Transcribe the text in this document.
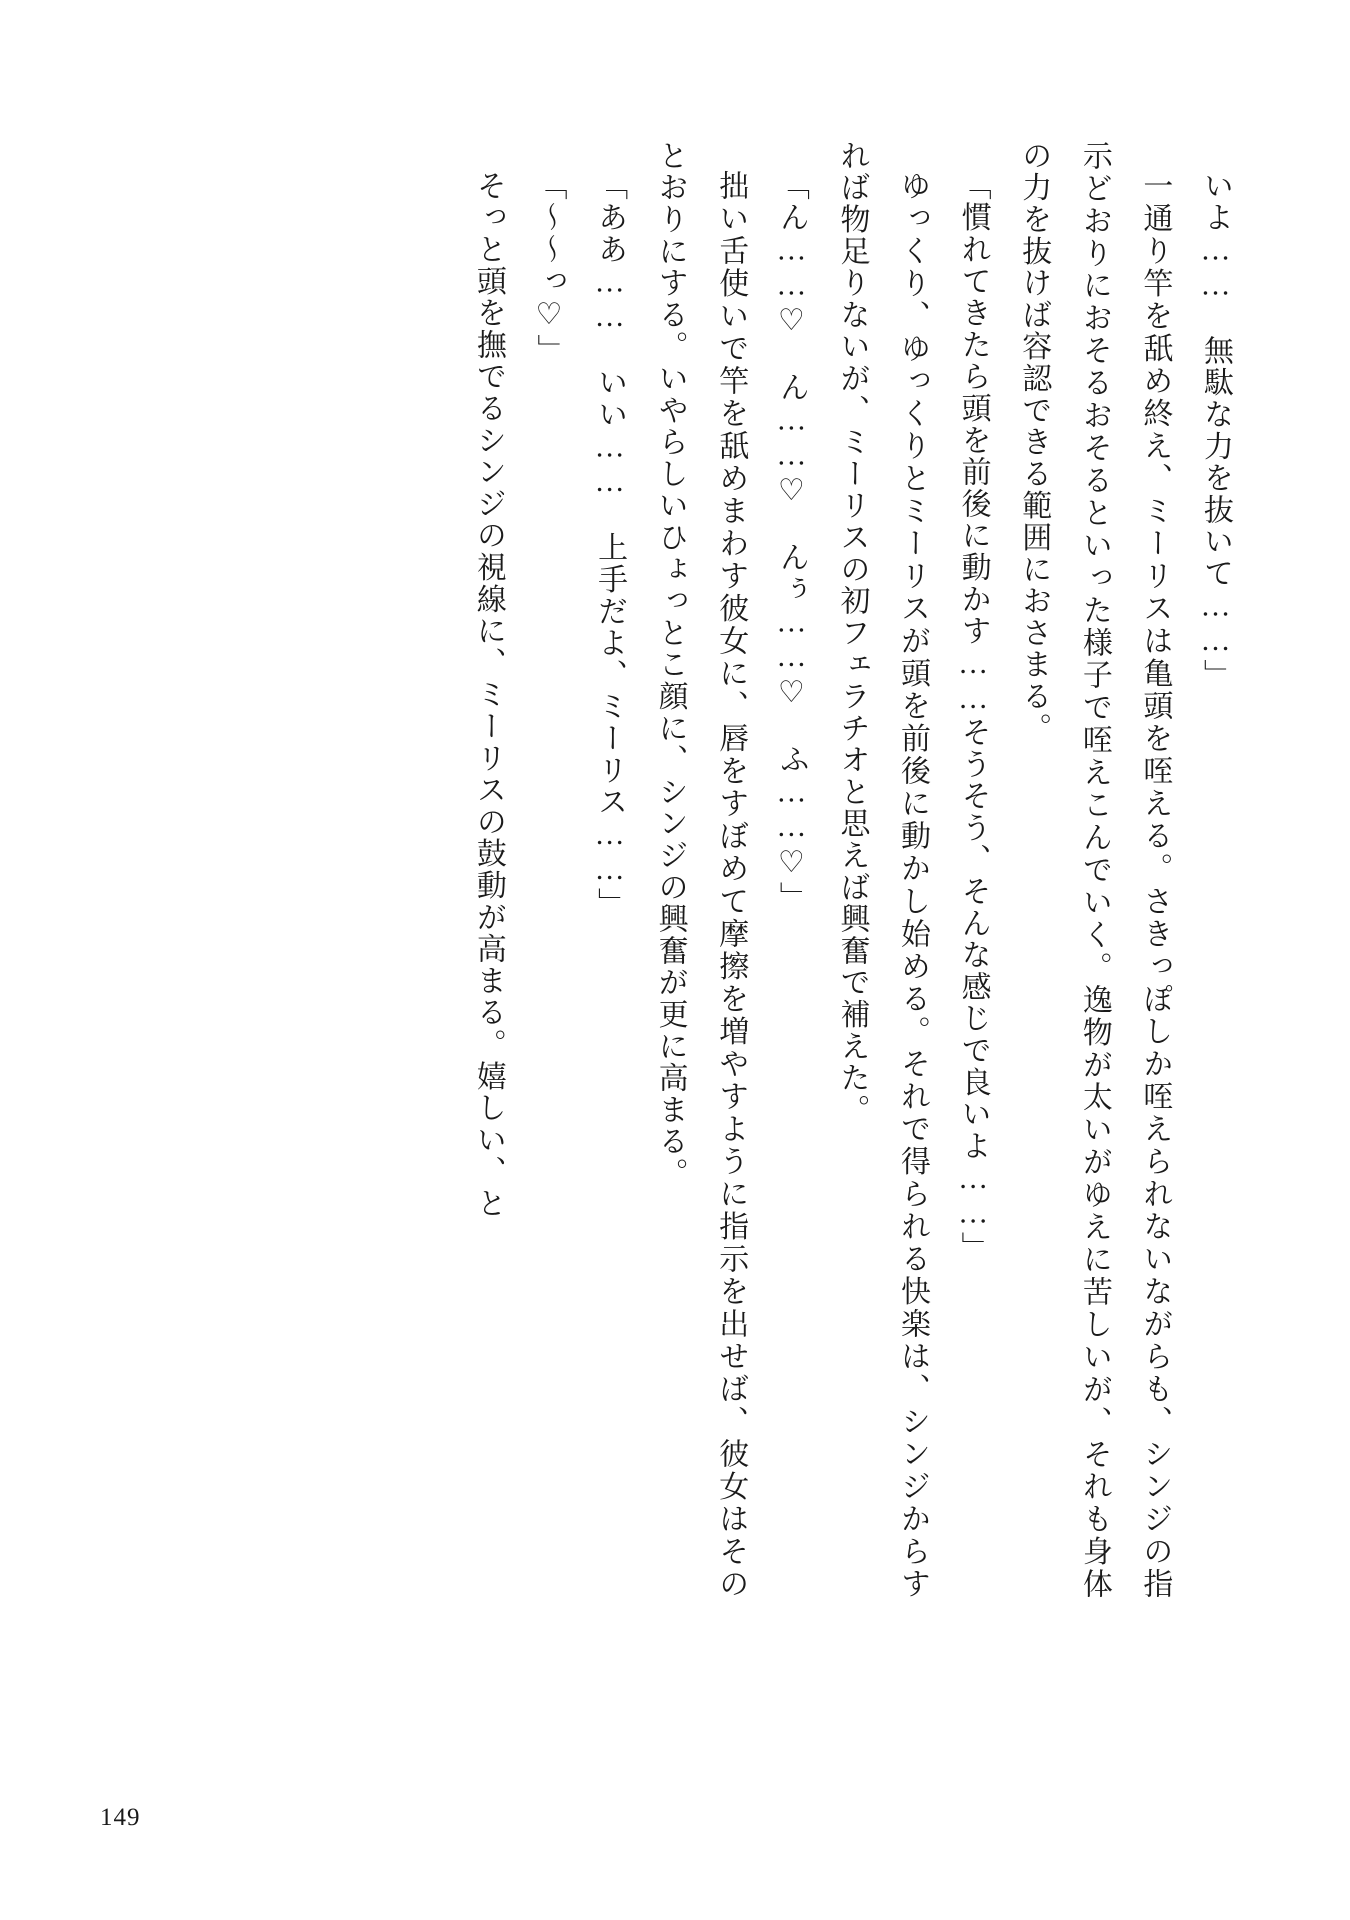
いよ……　無駄な力を抜いて……」

一通り竿を舐め終え、ミーリスは亀頭を咥える。さきっぽしか咥えられないながらも、シンジの指示どおりにおそるおそるといった様子で咥えこんでいく。逸物が太いがゆえに苦しいが、それも身体の力を抜けば容認できる範囲におさまる。

「慣れてきたら頭を前後に動かす……そうそう、そんな感じで良いよ……」

ゆっくり、ゆっくりとミーリスが頭を前後に動かし始める。それで得られる快楽は、シンジからすれば物足りないが、ミーリスの初フェラチオと思えば興奮で補えた。

「ん……♡　ん……♡　んぅ……♡　ふ……♡」

拙い舌使いで竿を舐めまわす彼女に、唇をすぼめて摩擦を増やすように指示を出せば、彼女はそのとおりにする。いやらしいひょっとこ顔に、シンジの興奮が更に高まる。

「ああ……　いい……　上手だよ、ミーリス……」

「～～っ♡」

そっと頭を撫でるシンジの視線に、ミーリスの鼓動が高まる。嬉しい、と

149
